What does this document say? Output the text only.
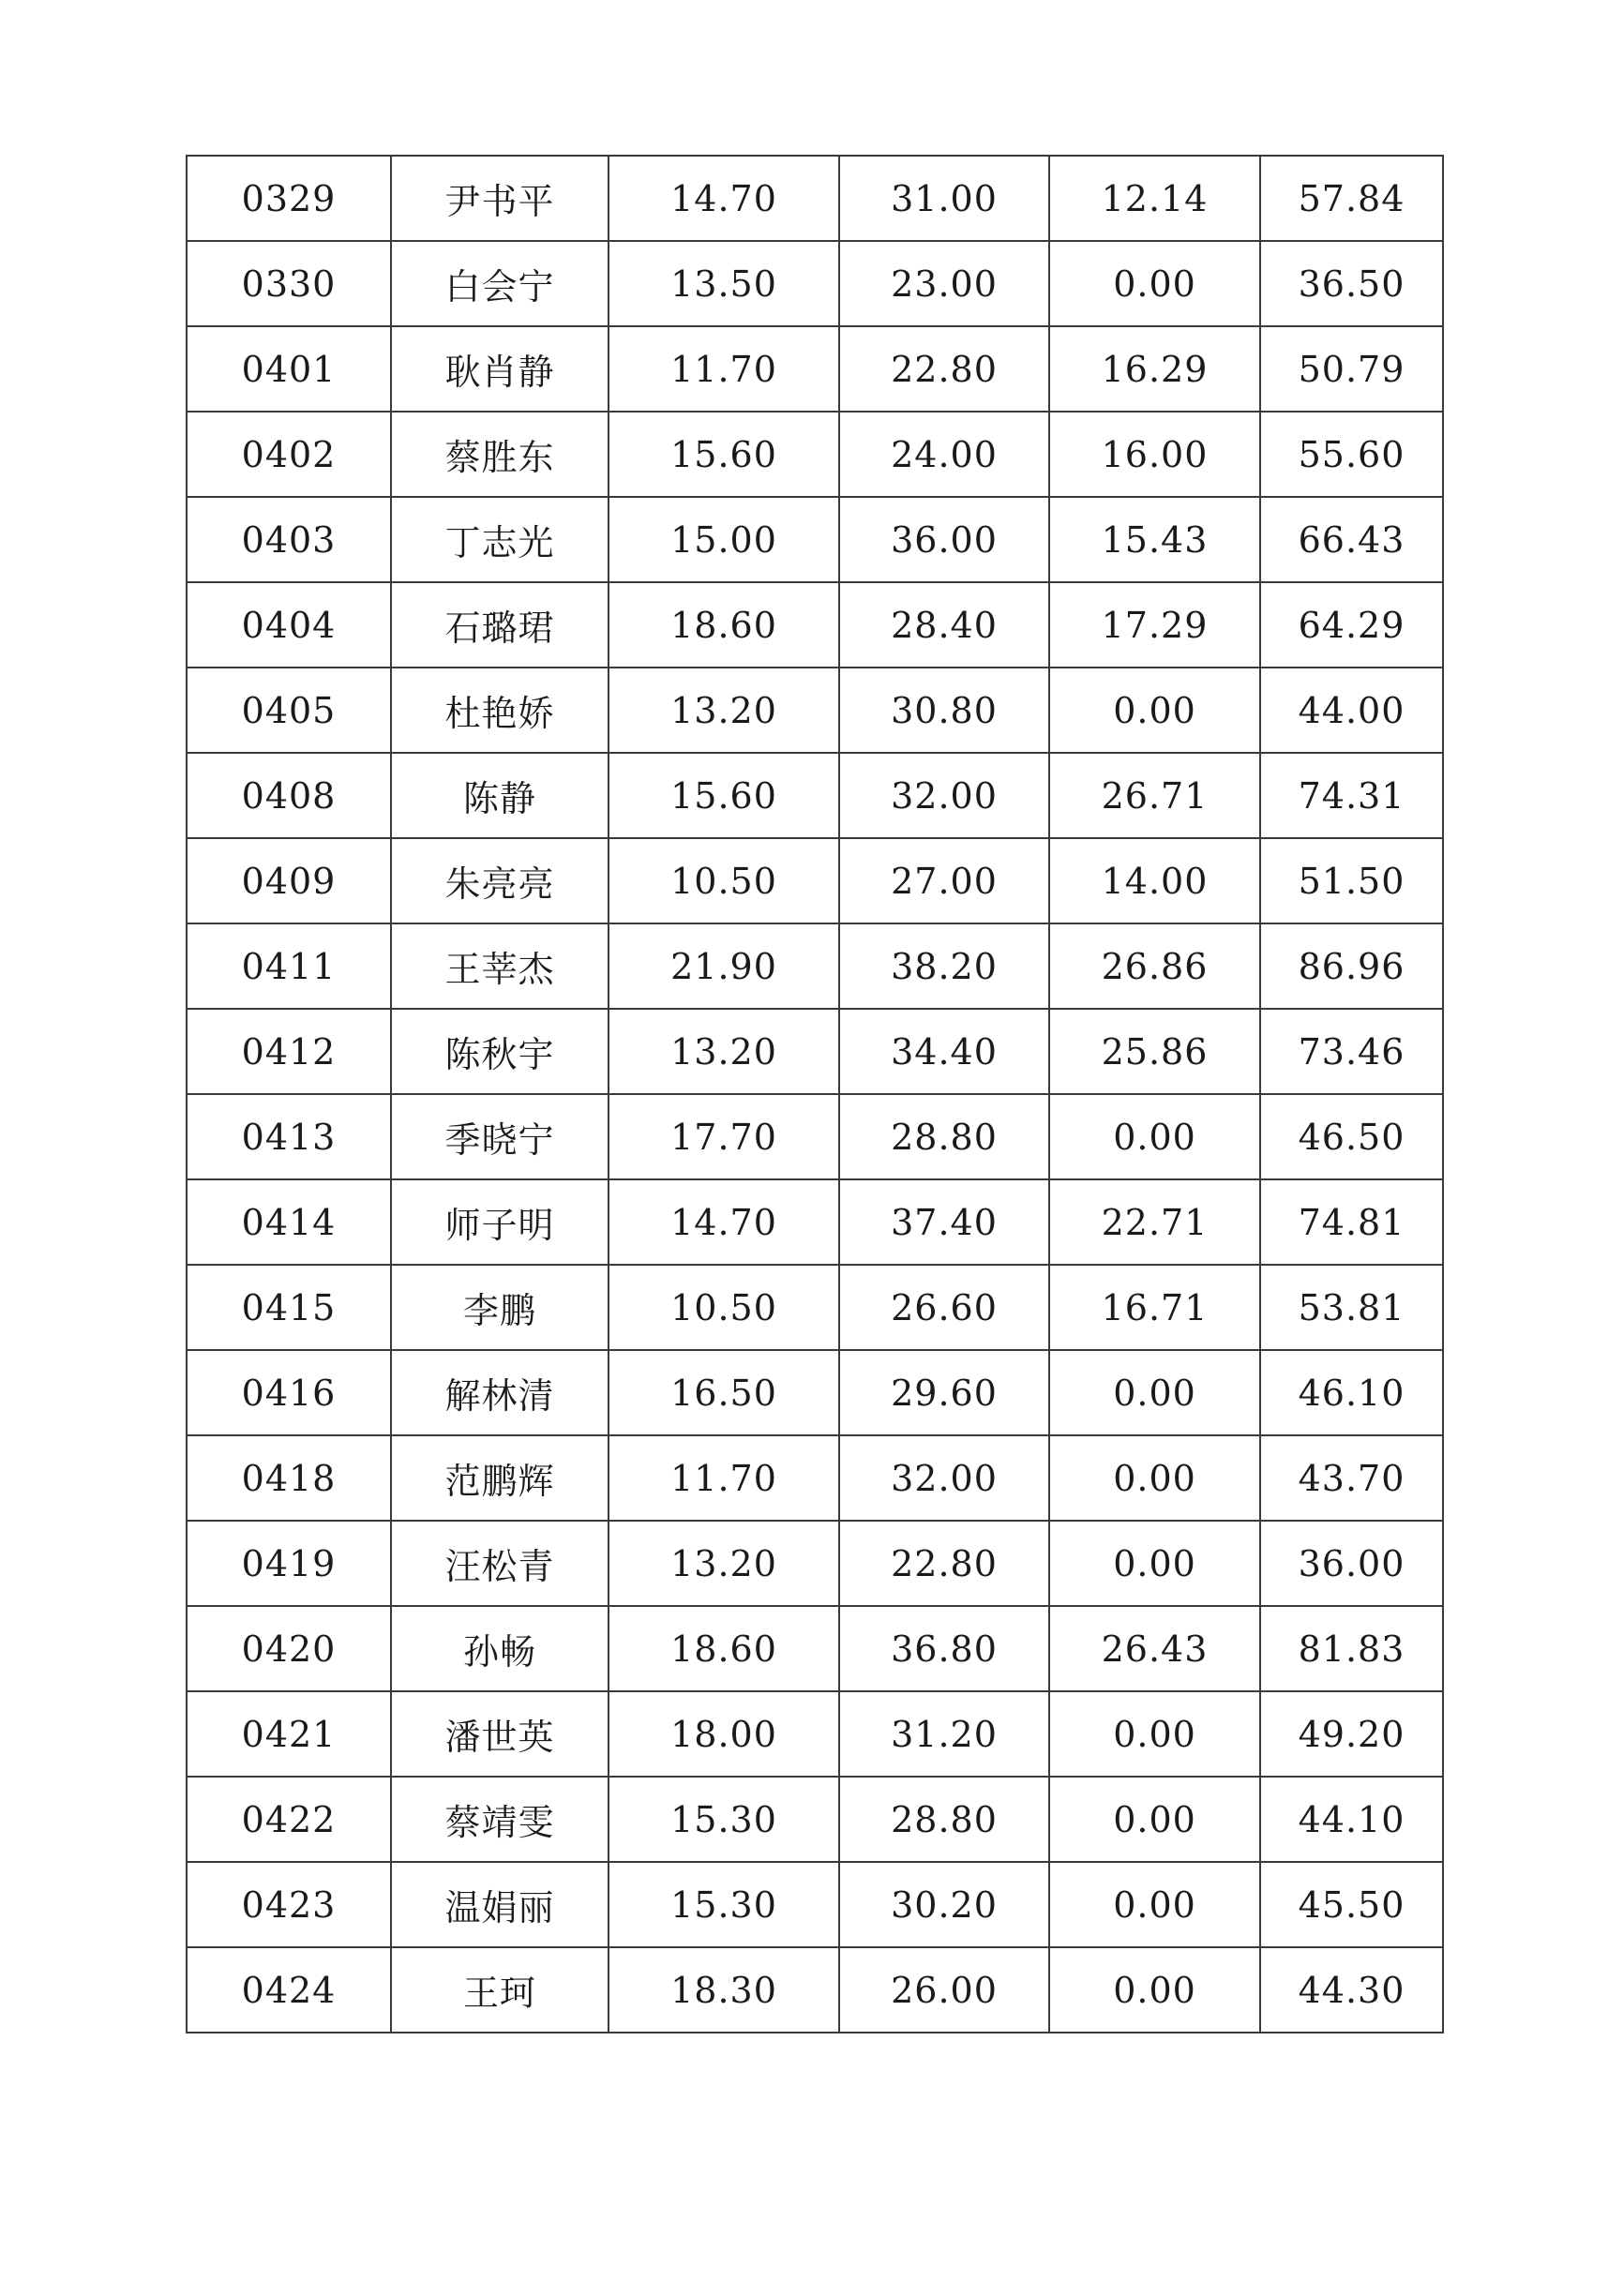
0329	尹书平	14.70	31.00	12.14	57.84
0330	白会宁	13.50	23.00	0.00	36.50
0401	耿肖静	11.70	22.80	16.29	50.79
0402	蔡胜东	15.60	24.00	16.00	55.60
0403	丁志光	15.00	36.00	15.43	66.43
0404	石璐珺	18.60	28.40	17.29	64.29
0405	杜艳娇	13.20	30.80	0.00	44.00
0408	陈静	15.60	32.00	26.71	74.31
0409	朱亮亮	10.50	27.00	14.00	51.50
0411	王莘杰	21.90	38.20	26.86	86.96
0412	陈秋宇	13.20	34.40	25.86	73.46
0413	季晓宁	17.70	28.80	0.00	46.50
0414	师子明	14.70	37.40	22.71	74.81
0415	李鹏	10.50	26.60	16.71	53.81
0416	解林清	16.50	29.60	0.00	46.10
0418	范鹏辉	11.70	32.00	0.00	43.70
0419	汪松青	13.20	22.80	0.00	36.00
0420	孙畅	18.60	36.80	26.43	81.83
0421	潘世英	18.00	31.20	0.00	49.20
0422	蔡靖雯	15.30	28.80	0.00	44.10
0423	温娟丽	15.30	30.20	0.00	45.50
0424	王珂	18.30	26.00	0.00	44.30
